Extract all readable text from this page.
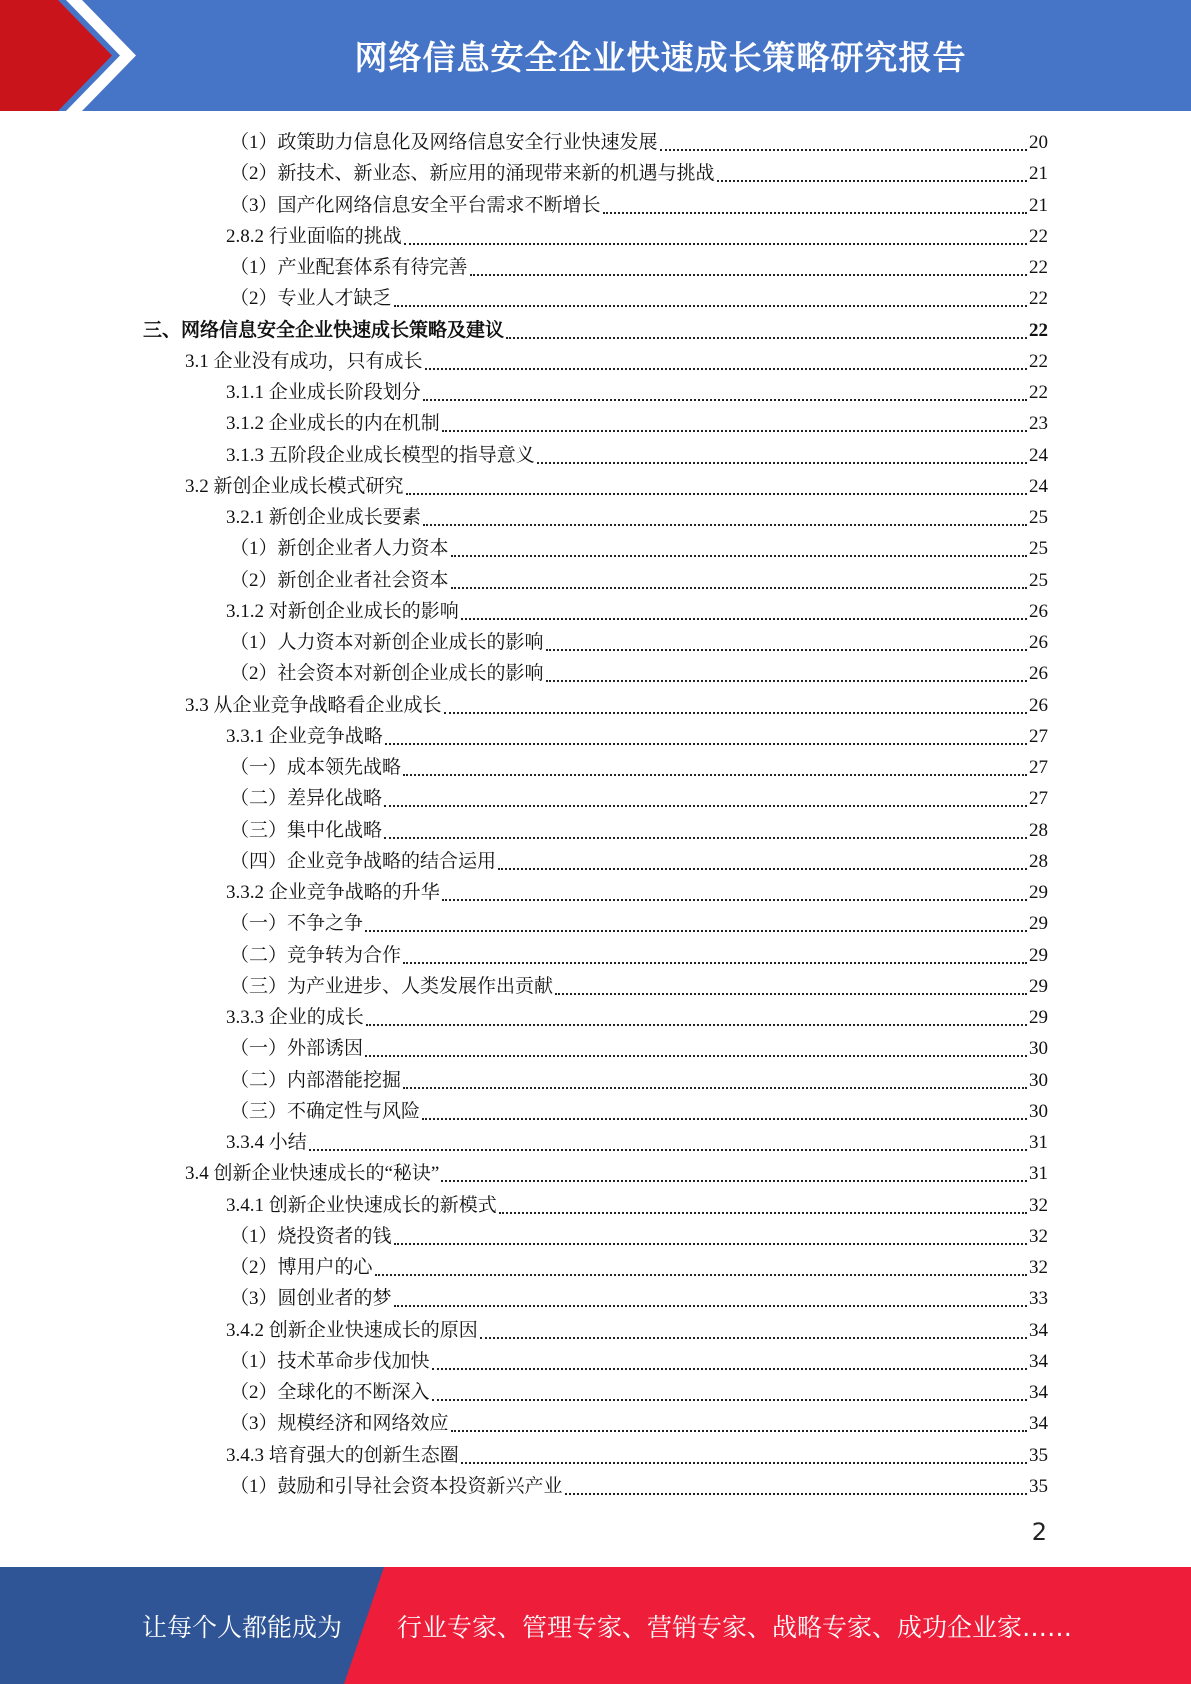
网络信息安全企业快速成长策略研究报告
（1）政策助力信息化及网络信息安全行业快速发展	20
（2）新技术、新业态、新应用的涌现带来新的机遇与挑战	21
（3）国产化网络信息安全平台需求不断增长	21
2.8.2 行业面临的挑战	22
（1）产业配套体系有待完善	22
（2）专业人才缺乏	22
三、网络信息安全企业快速成长策略及建议	22
3.1 企业没有成功，只有成长	22
3.1.1 企业成长阶段划分	22
3.1.2 企业成长的内在机制	23
3.1.3 五阶段企业成长模型的指导意义	24
3.2 新创企业成长模式研究	24
3.2.1 新创企业成长要素	25
（1）新创企业者人力资本	25
（2）新创企业者社会资本	25
3.1.2 对新创企业成长的影响	26
（1）人力资本对新创企业成长的影响	26
（2）社会资本对新创企业成长的影响	26
3.3 从企业竞争战略看企业成长	26
3.3.1 企业竞争战略	27
（一）成本领先战略	27
（二）差异化战略	27
（三）集中化战略	28
（四）企业竞争战略的结合运用	28
3.3.2 企业竞争战略的升华	29
（一）不争之争	29
（二）竞争转为合作	29
（三）为产业进步、人类发展作出贡献	29
3.3.3 企业的成长	29
（一）外部诱因	30
（二）内部潜能挖掘	30
（三）不确定性与风险	30
3.3.4 小结	31
3.4 创新企业快速成长的“秘诀”	31
3.4.1 创新企业快速成长的新模式	32
（1）烧投资者的钱	32
（2）博用户的心	32
（3）圆创业者的梦	33
3.4.2 创新企业快速成长的原因	34
（1）技术革命步伐加快	34
（2）全球化的不断深入	34
（3）规模经济和网络效应	34
3.4.3 培育强大的创新生态圈	35
（1）鼓励和引导社会资本投资新兴产业	35
2
让每个人都能成为 行业专家、管理专家、营销专家、战略专家、成功企业家……
